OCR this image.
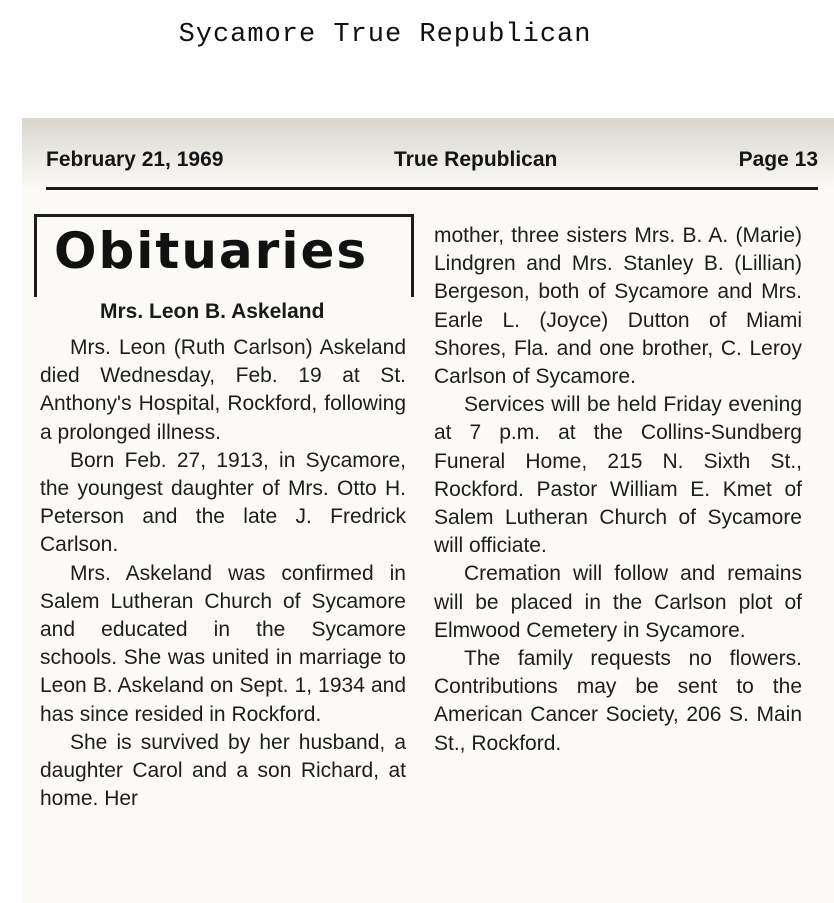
Sycamore True Republican
February 21, 1969	True Republican	Page 13
Obituaries
Mrs. Leon B. Askeland

Mrs. Leon (Ruth Carlson) Askeland died Wednesday, Feb. 19 at St. Anthony's Hospital, Rockford, following a prolonged illness.

Born Feb. 27, 1913, in Sycamore, the youngest daughter of Mrs. Otto H. Peterson and the late J. Fredrick Carlson.

Mrs. Askeland was confirmed in Salem Lutheran Church of Sycamore and educated in the Sycamore schools. She was united in marriage to Leon B. Askeland on Sept. 1, 1934 and has since resided in Rockford.

She is survived by her husband, a daughter Carol and a son Richard, at home. Her

mother, three sisters Mrs. B. A. (Marie) Lindgren and Mrs. Stanley B. (Lillian) Bergeson, both of Sycamore and Mrs. Earle L. (Joyce) Dutton of Miami Shores, Fla. and one brother, C. Leroy Carlson of Sycamore.

Services will be held Friday evening at 7 p.m. at the Collins-Sundberg Funeral Home, 215 N. Sixth St., Rockford. Pastor William E. Kmet of Salem Lutheran Church of Sycamore will officiate.

Cremation will follow and remains will be placed in the Carlson plot of Elmwood Cemetery in Sycamore.

The family requests no flowers. Contributions may be sent to the American Cancer Society, 206 S. Main St., Rockford.
